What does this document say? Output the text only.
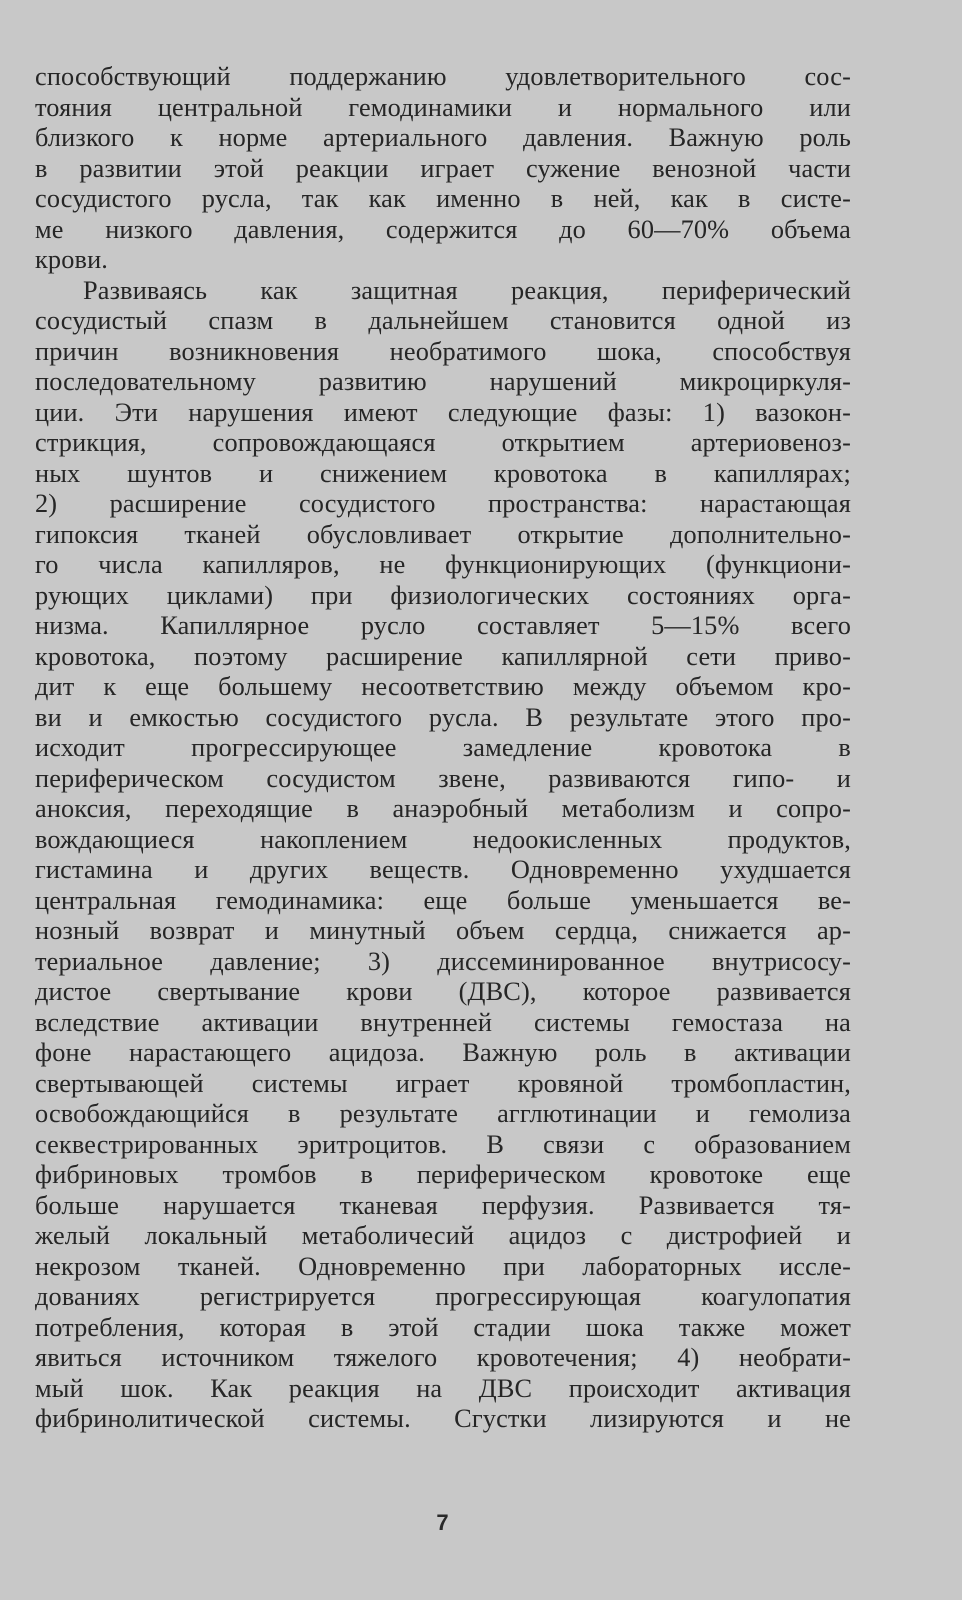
способствующий поддержанию удовлетворительного сос-
тояния центральной гемодинамики и нормального или
близкого к норме артериального давления. Важную роль
в развитии этой реакции играет сужение венозной части
сосудистого русла, так как именно в ней, как в систе-
ме низкого давления, содержится до 60—70% объема
крови.
Развиваясь как защитная реакция, периферический
сосудистый спазм в дальнейшем становится одной из
причин возникновения необратимого шока, способствуя
последовательному развитию нарушений микроциркуля-
ции. Эти нарушения имеют следующие фазы: 1) вазокон-
стрикция, сопровождающаяся открытием артериовеноз-
ных шунтов и снижением кровотока в капиллярах;
2) расширение сосудистого пространства: нарастающая
гипоксия тканей обусловливает открытие дополнительно-
го числа капилляров, не функционирующих (функциони-
рующих циклами) при физиологических состояниях орга-
низма. Капиллярное русло составляет 5—15% всего
кровотока, поэтому расширение капиллярной сети приво-
дит к еще большему несоответствию между объемом кро-
ви и емкостью сосудистого русла. В результате этого про-
исходит прогрессирующее замедление кровотока в
периферическом сосудистом звене, развиваются гипо- и
аноксия, переходящие в анаэробный метаболизм и сопро-
вождающиеся накоплением недоокисленных продуктов,
гистамина и других веществ. Одновременно ухудшается
центральная гемодинамика: еще больше уменьшается ве-
нозный возврат и минутный объем сердца, снижается ар-
териальное давление; 3) диссеминированное внутрисосу-
дистое свертывание крови (ДВС), которое развивается
вследствие активации внутренней системы гемостаза на
фоне нарастающего ацидоза. Важную роль в активации
свертывающей системы играет кровяной тромбопластин,
освобождающийся в результате агглютинации и гемолиза
секвестрированных эритроцитов. В связи с образованием
фибриновых тромбов в периферическом кровотоке еще
больше нарушается тканевая перфузия. Развивается тя-
желый локальный метаболичесий ацидоз с дистрофией и
некрозом тканей. Одновременно при лабораторных иссле-
дованиях регистрируется прогрессирующая коагулопатия
потребления, которая в этой стадии шока также может
явиться источником тяжелого кровотечения; 4) необрати-
мый шок. Как реакция на ДВС происходит активация
фибринолитической системы. Сгустки лизируются и не
7
